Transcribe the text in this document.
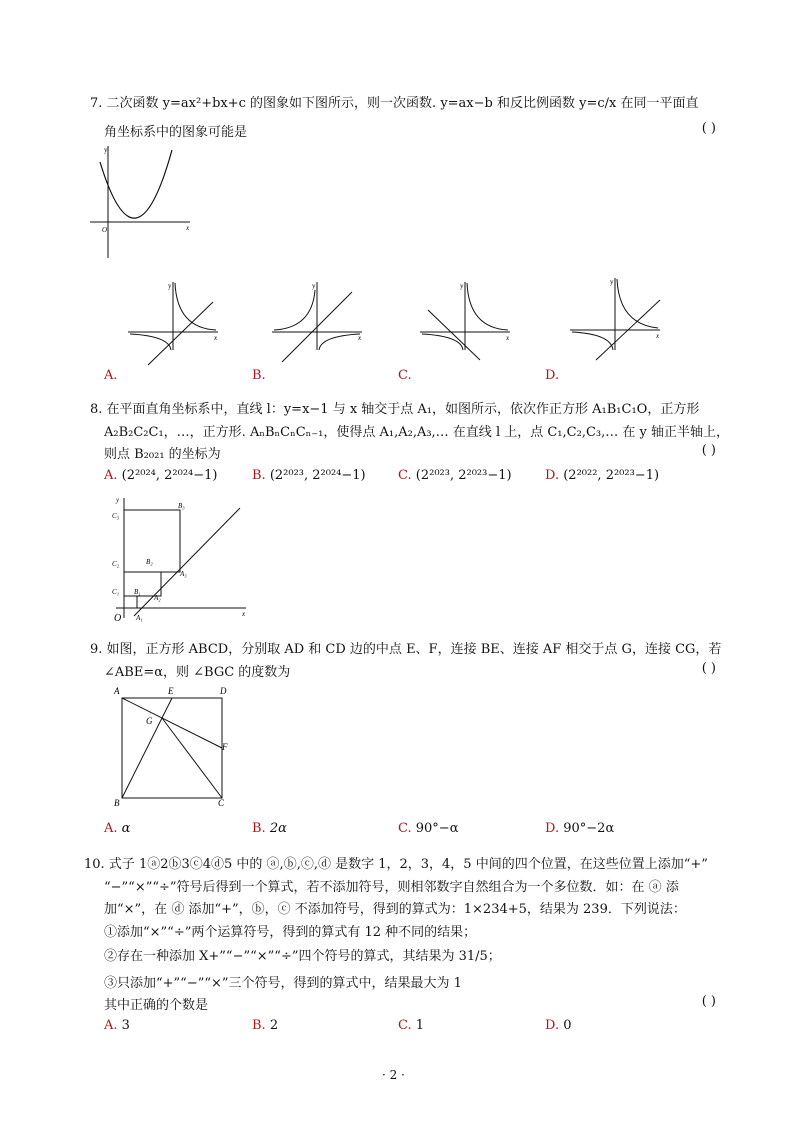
7. 二次函数 y=ax²+bx+c 的图象如下图所示，则一次函数. y=ax−b 和反比例函数 y=c/x 在同一平面直
角坐标系中的图象可能是	( )
y
x
O
y
x
y
x
y
x
y
x
A.	B.	C.	D.
8. 在平面直角坐标系中，直线 l：y=x−1 与 x 轴交于点 A₁，如图所示，依次作正方形 A₁B₁C₁O，正方形
A₂B₂C₂C₁，…，正方形. AₙBₙCₙCₙ₋₁，使得点 A₁,A₂,A₃,… 在直线 l 上，点 C₁,C₂,C₃,… 在 y 轴正半轴上，
则点 B₂₀₂₁ 的坐标为	( )
A. (2²⁰²⁴, 2²⁰²⁴−1)	B. (2²⁰²³, 2²⁰²⁴−1) C. (2²⁰²³, 2²⁰²³−1)	D. (2²⁰²², 2²⁰²³−1)
y
x
O
C₃
C₂
C₁
B₃
B₂
B₁
A₁
A₂
A₃
9. 如图，正方形 ABCD，分别取 AD 和 CD 边的中点 E、F，连接 BE、连接 AF 相交于点 G，连接 CG，若
∠ABE=α，则 ∠BGC 的度数为	( )
A	E	D
F
G
B	C
A. α	B. 2α	C. 90°−α	D. 90°−2α
10. 式子 1ⓐ2ⓑ3ⓒ4ⓓ5 中的 ⓐ,ⓑ,ⓒ,ⓓ 是数字 1，2，3，4，5 中间的四个位置，在这些位置上添加“+”
“−”“×”“÷”符号后得到一个算式，若不添加符号，则相邻数字自然组合为一个多位数．如：在 ⓐ 添
加“×”，在 ⓓ 添加“+”，ⓑ，ⓒ 不添加符号，得到的算式为：1×234+5，结果为 239．下列说法：
①添加“×”“÷”两个运算符号，得到的算式有 12 种不同的结果；
②存在一种添加 X+”“−”“×”“÷”四个符号的算式，其结果为 31/5；
③只添加“+”“−”“×”三个符号，得到的算式中，结果最大为 1
其中正确的个数是	( )
A. 3	B. 2	C. 1	D. 0
· 2 ·
